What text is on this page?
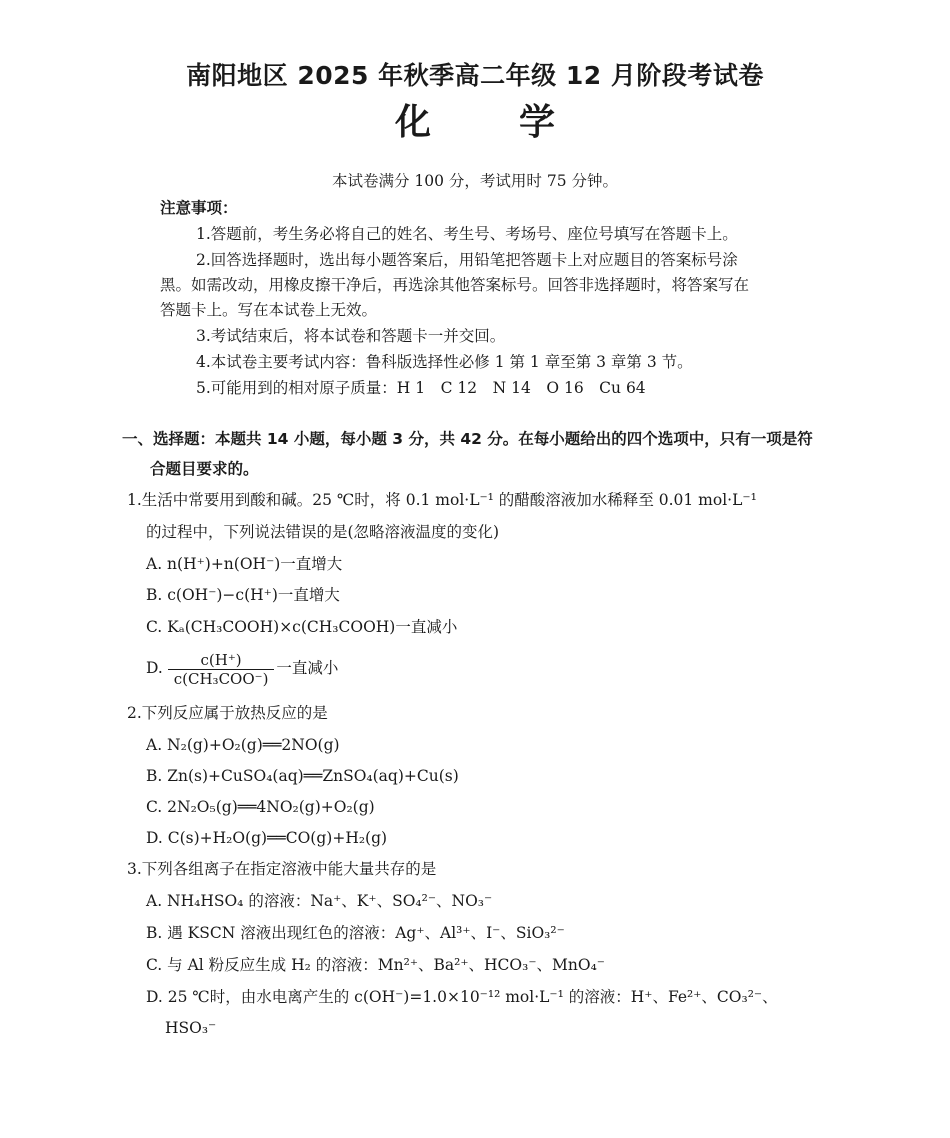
南阳地区 2025 年秋季高二年级 12 月阶段考试卷
化 学
本试卷满分 100 分，考试用时 75 分钟。
注意事项：
1.答题前，考生务必将自己的姓名、考生号、考场号、座位号填写在答题卡上。
2.回答选择题时，选出每小题答案后，用铅笔把答题卡上对应题目的答案标号涂
黑。如需改动，用橡皮擦干净后，再选涂其他答案标号。回答非选择题时，将答案写在
答题卡上。写在本试卷上无效。
3.考试结束后，将本试卷和答题卡一并交回。
4.本试卷主要考试内容：鲁科版选择性必修 1 第 1 章至第 3 章第 3 节。
5.可能用到的相对原子质量：H 1　C 12　N 14　O 16　Cu 64
一、选择题：本题共 14 小题，每小题 3 分，共 42 分。在每小题给出的四个选项中，只有一项是符
合题目要求的。
1.生活中常要用到酸和碱。25 ℃时，将 0.1 mol·L⁻¹ 的醋酸溶液加水稀释至 0.01 mol·L⁻¹
的过程中，下列说法错误的是(忽略溶液温度的变化)
A. n(H⁺)+n(OH⁻)一直增大
B. c(OH⁻)−c(H⁺)一直增大
C. Kₐ(CH₃COOH)×c(CH₃COOH)一直减小
D. $\frac{c(H^+)}{\text{c(CH₃COO⁻)}}$ 一直减小
2.下列反应属于放热反应的是
A. N₂(g)+O₂(g)══2NO(g)
B. Zn(s)+CuSO₄(aq)══ZnSO₄(aq)+Cu(s)
C. 2N₂O₅(g)══4NO₂(g)+O₂(g)
D. C(s)+H₂O(g)══CO(g)+H₂(g)
3.下列各组离子在指定溶液中能大量共存的是
A. NH₄HSO₄ 的溶液：Na⁺、K⁺、SO₄²⁻、NO₃⁻
B. 遇 KSCN 溶液出现红色的溶液：Ag⁺、Al³⁺、I⁻、SiO₃²⁻
C. 与 Al 粉反应生成 H₂ 的溶液：Mn²⁺、Ba²⁺、HCO₃⁻、MnO₄⁻
D. 25 ℃时，由水电离产生的 c(OH⁻)=1.0×10⁻¹² mol·L⁻¹ 的溶液：H⁺、Fe²⁺、CO₃²⁻、
HSO₃⁻
